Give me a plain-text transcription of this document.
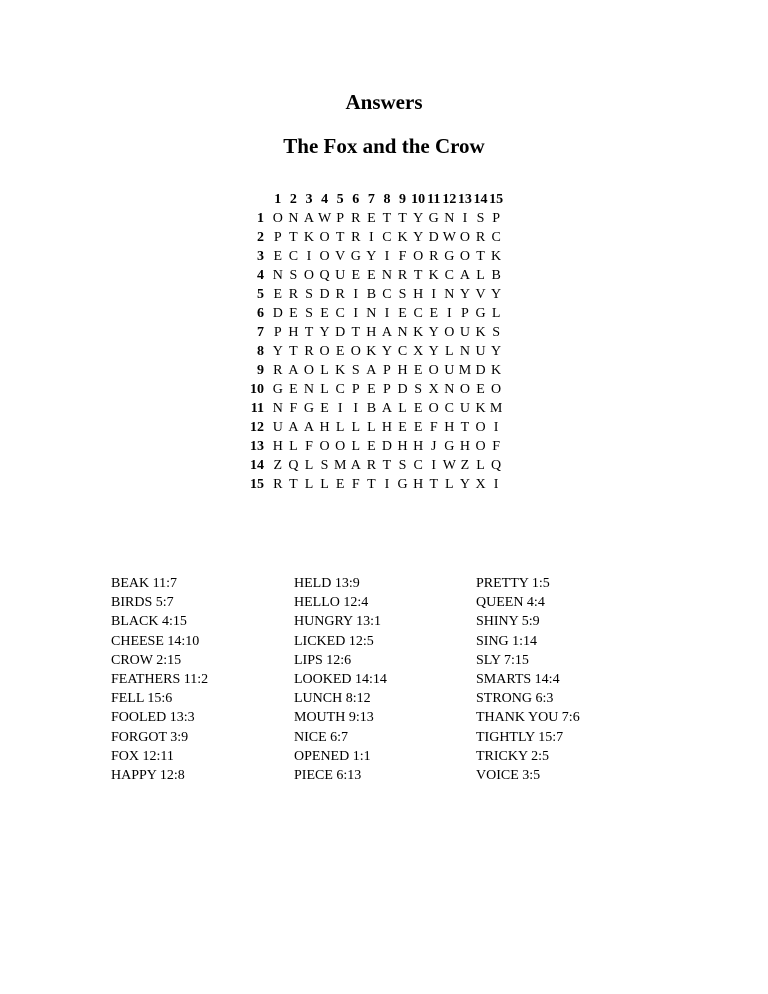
Answers
The Fox and the Crow
	1	2	3	4	5	6	7	8	9	10	11	12	13	14	15
1	O	N	A	W	P	R	E	T	T	Y	G	N	I	S	P
2	P	T	K	O	T	R	I	C	K	Y	D	W	O	R	C
3	E	C	I	O	V	G	Y	I	F	O	R	G	O	T	K
4	N	S	O	Q	U	E	E	N	R	T	K	C	A	L	B
5	E	R	S	D	R	I	B	C	S	H	I	N	Y	V	Y
6	D	E	S	E	C	I	N	I	E	C	E	I	P	G	L
7	P	H	T	Y	D	T	H	A	N	K	Y	O	U	K	S
8	Y	T	R	O	E	O	K	Y	C	X	Y	L	N	U	Y
9	R	A	O	L	K	S	A	P	H	E	O	U	M	D	K
10	G	E	N	L	C	P	E	P	D	S	X	N	O	E	O
11	N	F	G	E	I	I	B	A	L	E	O	C	U	K	M
12	U	A	A	H	L	L	L	H	E	E	F	H	T	O	I
13	H	L	F	O	O	L	E	D	H	H	J	G	H	O	F
14	Z	Q	L	S	M	A	R	T	S	C	I	W	Z	L	Q
15	R	T	L	L	E	F	T	I	G	H	T	L	Y	X	I
BEAK 11:7
BIRDS 5:7
BLACK 4:15
CHEESE 14:10
CROW 2:15
FEATHERS 11:2
FELL 15:6
FOOLED 13:3
FORGOT 3:9
FOX 12:11
HAPPY 12:8
HELD 13:9
HELLO 12:4
HUNGRY 13:1
LICKED 12:5
LIPS 12:6
LOOKED 14:14
LUNCH 8:12
MOUTH 9:13
NICE 6:7
OPENED 1:1
PIECE 6:13
PRETTY 1:5
QUEEN 4:4
SHINY 5:9
SING 1:14
SLY 7:15
SMARTS 14:4
STRONG 6:3
THANK YOU 7:6
TIGHTLY 15:7
TRICKY 2:5
VOICE 3:5
